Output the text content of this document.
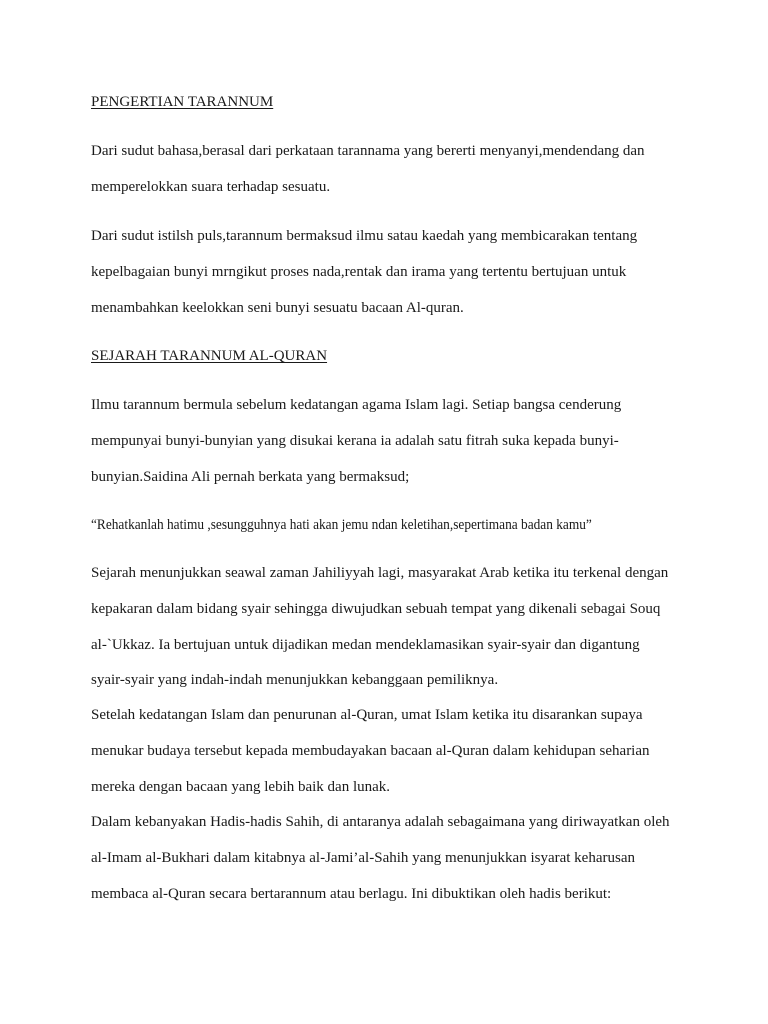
PENGERTIAN TARANNUM
Dari sudut bahasa,berasal dari perkataan tarannama yang bererti menyanyi,mendendang dan
memperelokkan suara terhadap sesuatu.
Dari sudut istilsh puls,tarannum bermaksud ilmu satau kaedah yang membicarakan tentang
kepelbagaian bunyi mrngikut proses nada,rentak dan irama yang tertentu bertujuan untuk
menambahkan keelokkan seni bunyi sesuatu bacaan Al-quran.
SEJARAH TARANNUM AL-QURAN
Ilmu tarannum bermula sebelum kedatangan agama Islam lagi. Setiap bangsa cenderung
mempunyai bunyi-bunyian yang disukai kerana ia adalah satu fitrah suka kepada bunyi-
bunyian.Saidina Ali pernah berkata yang bermaksud;
“Rehatkanlah hatimu ,sesungguhnya hati akan jemu ndan keletihan,sepertimana badan kamu”
Sejarah menunjukkan seawal zaman Jahiliyyah lagi, masyarakat Arab ketika itu terkenal dengan
kepakaran dalam bidang syair sehingga diwujudkan sebuah tempat yang dikenali sebagai Souq
al-`Ukkaz. Ia bertujuan untuk dijadikan medan mendeklamasikan syair-syair dan digantung
syair-syair yang indah-indah menunjukkan kebanggaan pemiliknya.
Setelah kedatangan Islam dan penurunan al-Quran, umat Islam ketika itu disarankan supaya
menukar budaya tersebut kepada membudayakan bacaan al-Quran dalam kehidupan seharian
mereka dengan bacaan yang lebih baik dan lunak.
Dalam kebanyakan Hadis-hadis Sahih, di antaranya adalah sebagaimana yang diriwayatkan oleh
al-Imam al-Bukhari dalam kitabnya al-Jami’al-Sahih yang menunjukkan isyarat keharusan
membaca al-Quran secara bertarannum atau berlagu. Ini dibuktikan oleh hadis berikut:
